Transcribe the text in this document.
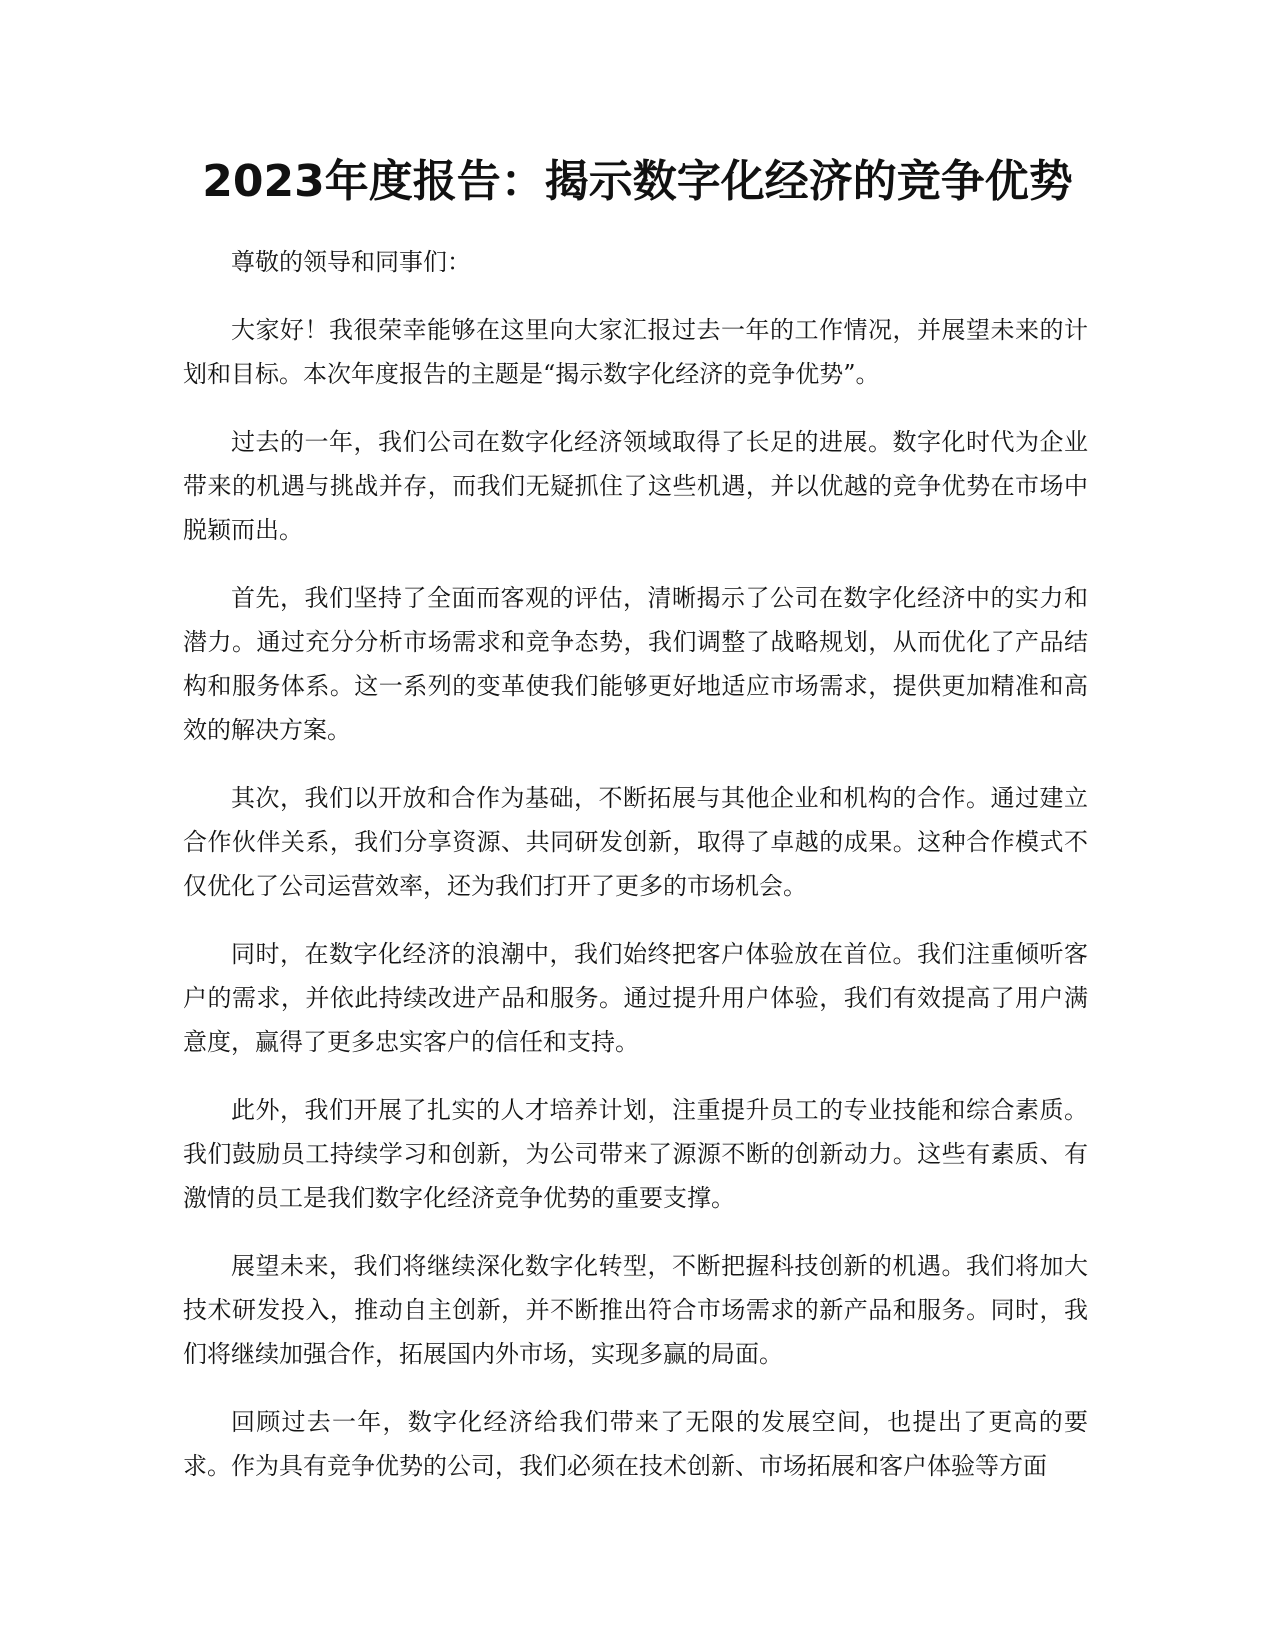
2023年度报告：揭示数字化经济的竞争优势

尊敬的领导和同事们：

大家好！我很荣幸能够在这里向大家汇报过去一年的工作情况，并展望未来的计划和目标。本次年度报告的主题是“揭示数字化经济的竞争优势”。

过去的一年，我们公司在数字化经济领域取得了长足的进展。数字化时代为企业带来的机遇与挑战并存，而我们无疑抓住了这些机遇，并以优越的竞争优势在市场中脱颖而出。

首先，我们坚持了全面而客观的评估，清晰揭示了公司在数字化经济中的实力和潜力。通过充分分析市场需求和竞争态势，我们调整了战略规划，从而优化了产品结构和服务体系。这一系列的变革使我们能够更好地适应市场需求，提供更加精准和高效的解决方案。

其次，我们以开放和合作为基础，不断拓展与其他企业和机构的合作。通过建立合作伙伴关系，我们分享资源、共同研发创新，取得了卓越的成果。这种合作模式不仅优化了公司运营效率，还为我们打开了更多的市场机会。

同时，在数字化经济的浪潮中，我们始终把客户体验放在首位。我们注重倾听客户的需求，并依此持续改进产品和服务。通过提升用户体验，我们有效提高了用户满意度，赢得了更多忠实客户的信任和支持。

此外，我们开展了扎实的人才培养计划，注重提升员工的专业技能和综合素质。我们鼓励员工持续学习和创新，为公司带来了源源不断的创新动力。这些有素质、有激情的员工是我们数字化经济竞争优势的重要支撑。

展望未来，我们将继续深化数字化转型，不断把握科技创新的机遇。我们将加大技术研发投入，推动自主创新，并不断推出符合市场需求的新产品和服务。同时，我们将继续加强合作，拓展国内外市场，实现多赢的局面。

回顾过去一年，数字化经济给我们带来了无限的发展空间，也提出了更高的要求。作为具有竞争优势的公司，我们必须在技术创新、市场拓展和客户体验等方面
